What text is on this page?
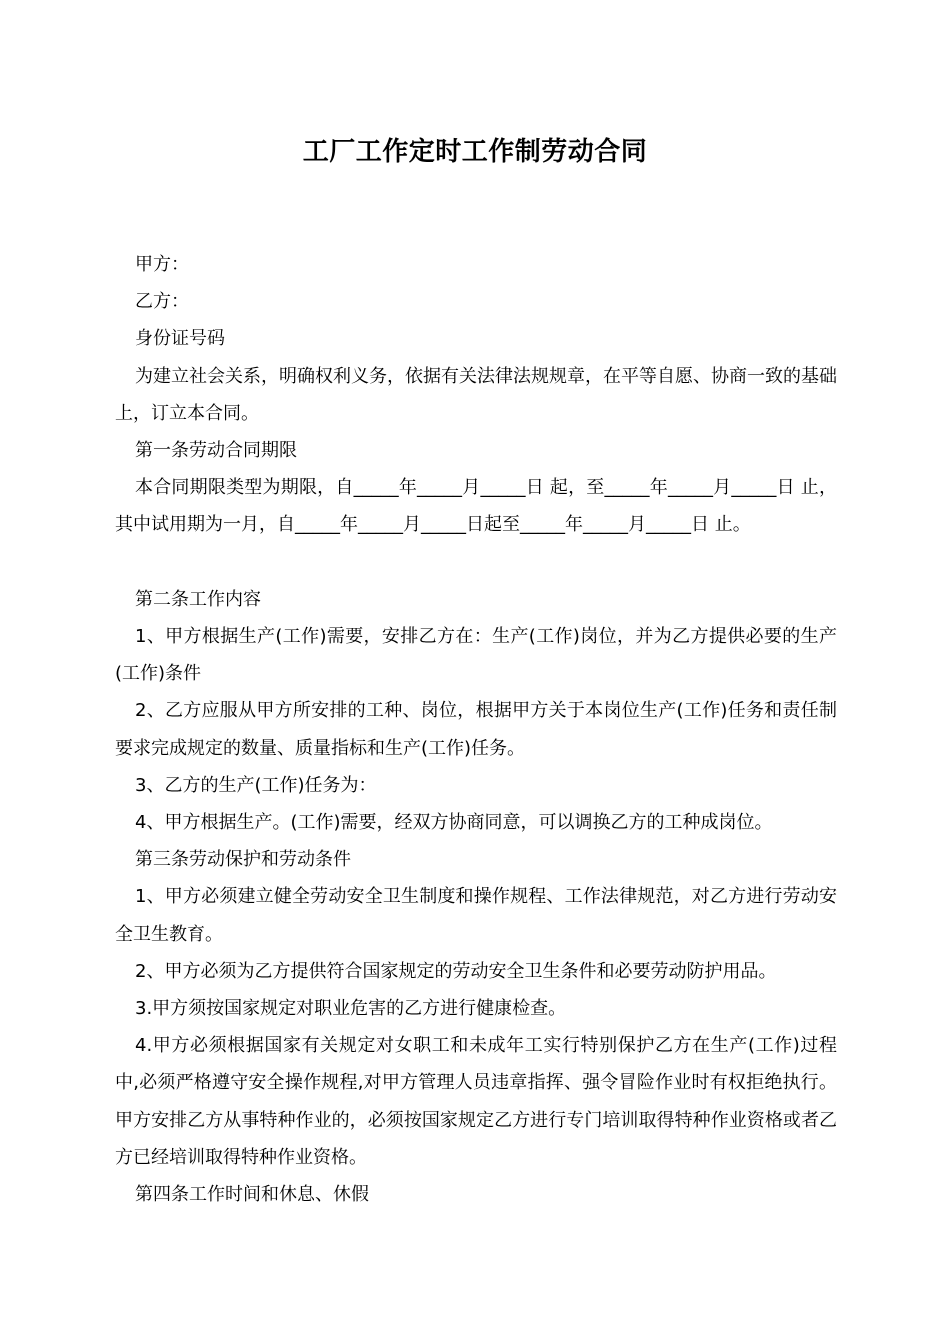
工厂工作定时工作制劳动合同

甲方：

乙方：

身份证号码

为建立社会关系，明确权利义务，依据有关法律法规规章，在平等自愿、协商一致的基础上，订立本合同。

第一条劳动合同期限

本合同期限类型为期限，自_____年_____月_____日 起，至_____年_____月_____日 止，其中试用期为一月，自_____年_____月_____日起至_____年_____月_____日 止。

第二条工作内容

1、甲方根据生产(工作)需要，安排乙方在：生产(工作)岗位，并为乙方提供必要的生产(工作)条件

2、乙方应服从甲方所安排的工种、岗位，根据甲方关于本岗位生产(工作)任务和责任制要求完成规定的数量、质量指标和生产(工作)任务。

3、乙方的生产(工作)任务为：

4、甲方根据生产。(工作)需要，经双方协商同意，可以调换乙方的工种成岗位。

第三条劳动保护和劳动条件

1、甲方必须建立健全劳动安全卫生制度和操作规程、工作法律规范，对乙方进行劳动安全卫生教育。

2、甲方必须为乙方提供符合国家规定的劳动安全卫生条件和必要劳动防护用品。

3.甲方须按国家规定对职业危害的乙方进行健康检查。

4.甲方必须根据国家有关规定对女职工和未成年工实行特别保护乙方在生产(工作)过程中,必须严格遵守安全操作规程,对甲方管理人员违章指挥、强令冒险作业时有权拒绝执行。甲方安排乙方从事特种作业的，必须按国家规定乙方进行专门培训取得特种作业资格或者乙方已经培训取得特种作业资格。

第四条工作时间和休息、休假
